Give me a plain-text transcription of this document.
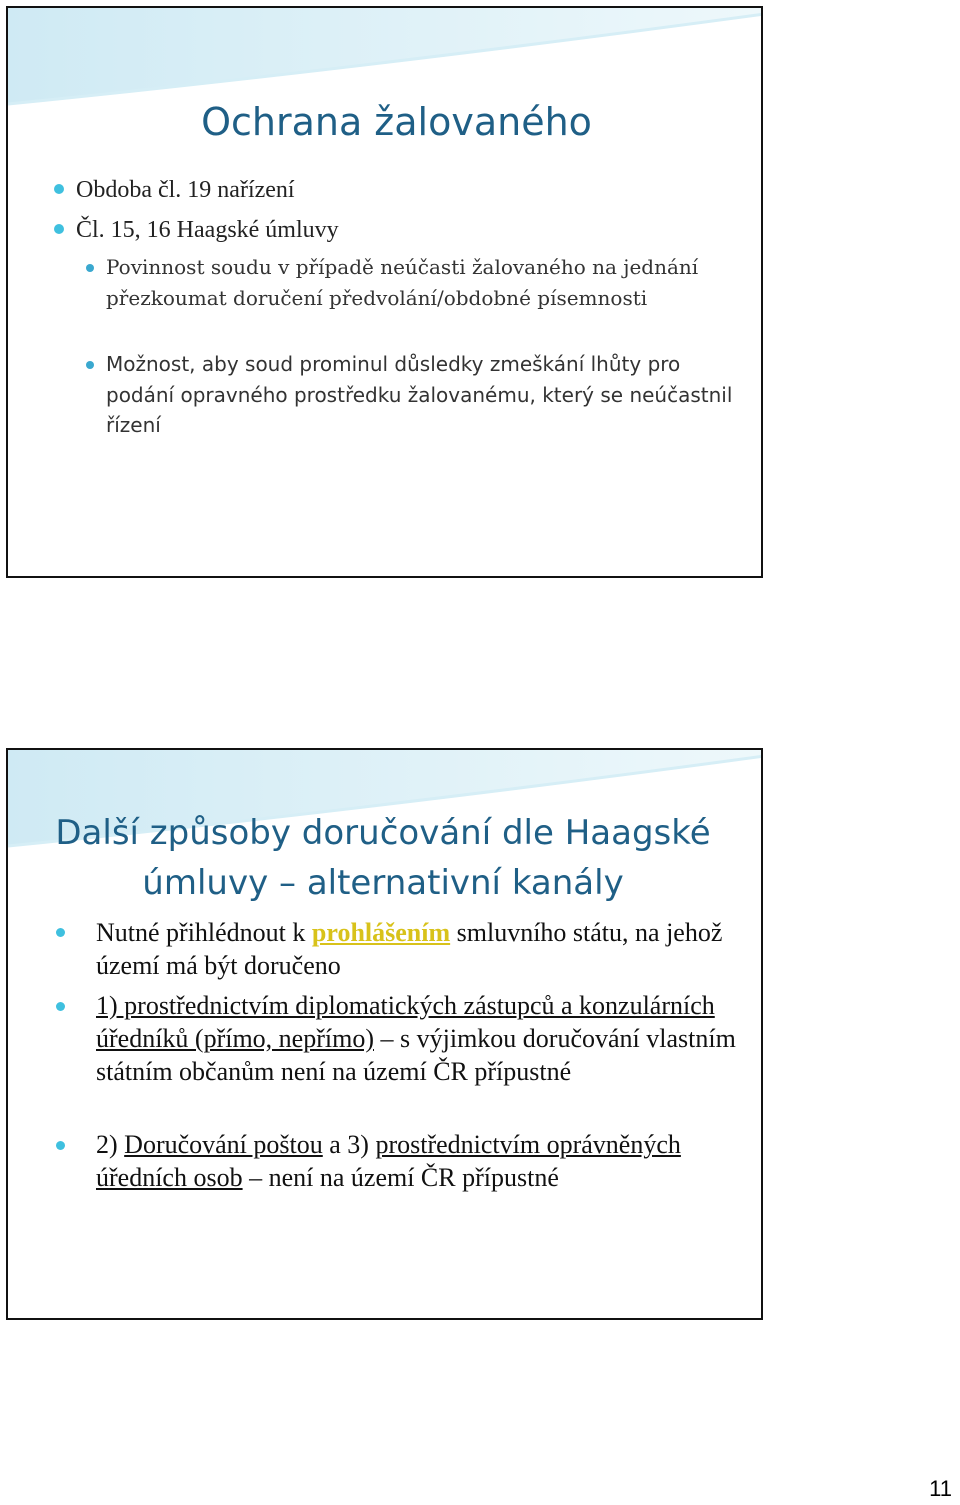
Ochrana žalovaného
Obdoba čl. 19 nařízení
Čl. 15, 16 Haagské úmluvy
Povinnost soudu v případě neúčasti žalovaného na jednání přezkoumat doručení předvolání/obdobné písemnosti
Možnost, aby soud prominul důsledky zmeškání lhůty pro podání opravného prostředku žalovanému, který se neúčastnil řízení
Další způsoby doručování dle Haagské
úmluvy – alternativní kanály
Nutné přihlédnout k prohlášením smluvního státu, na jehož území má být doručeno
1) prostřednictvím diplomatických zástupců a konzulárních úředníků (přímo, nepřímo) – s výjimkou doručování vlastním státním občanům není na území ČR přípustné
2) Doručování poštou a 3) prostřednictvím oprávněných úředních osob – není na území ČR přípustné
11
